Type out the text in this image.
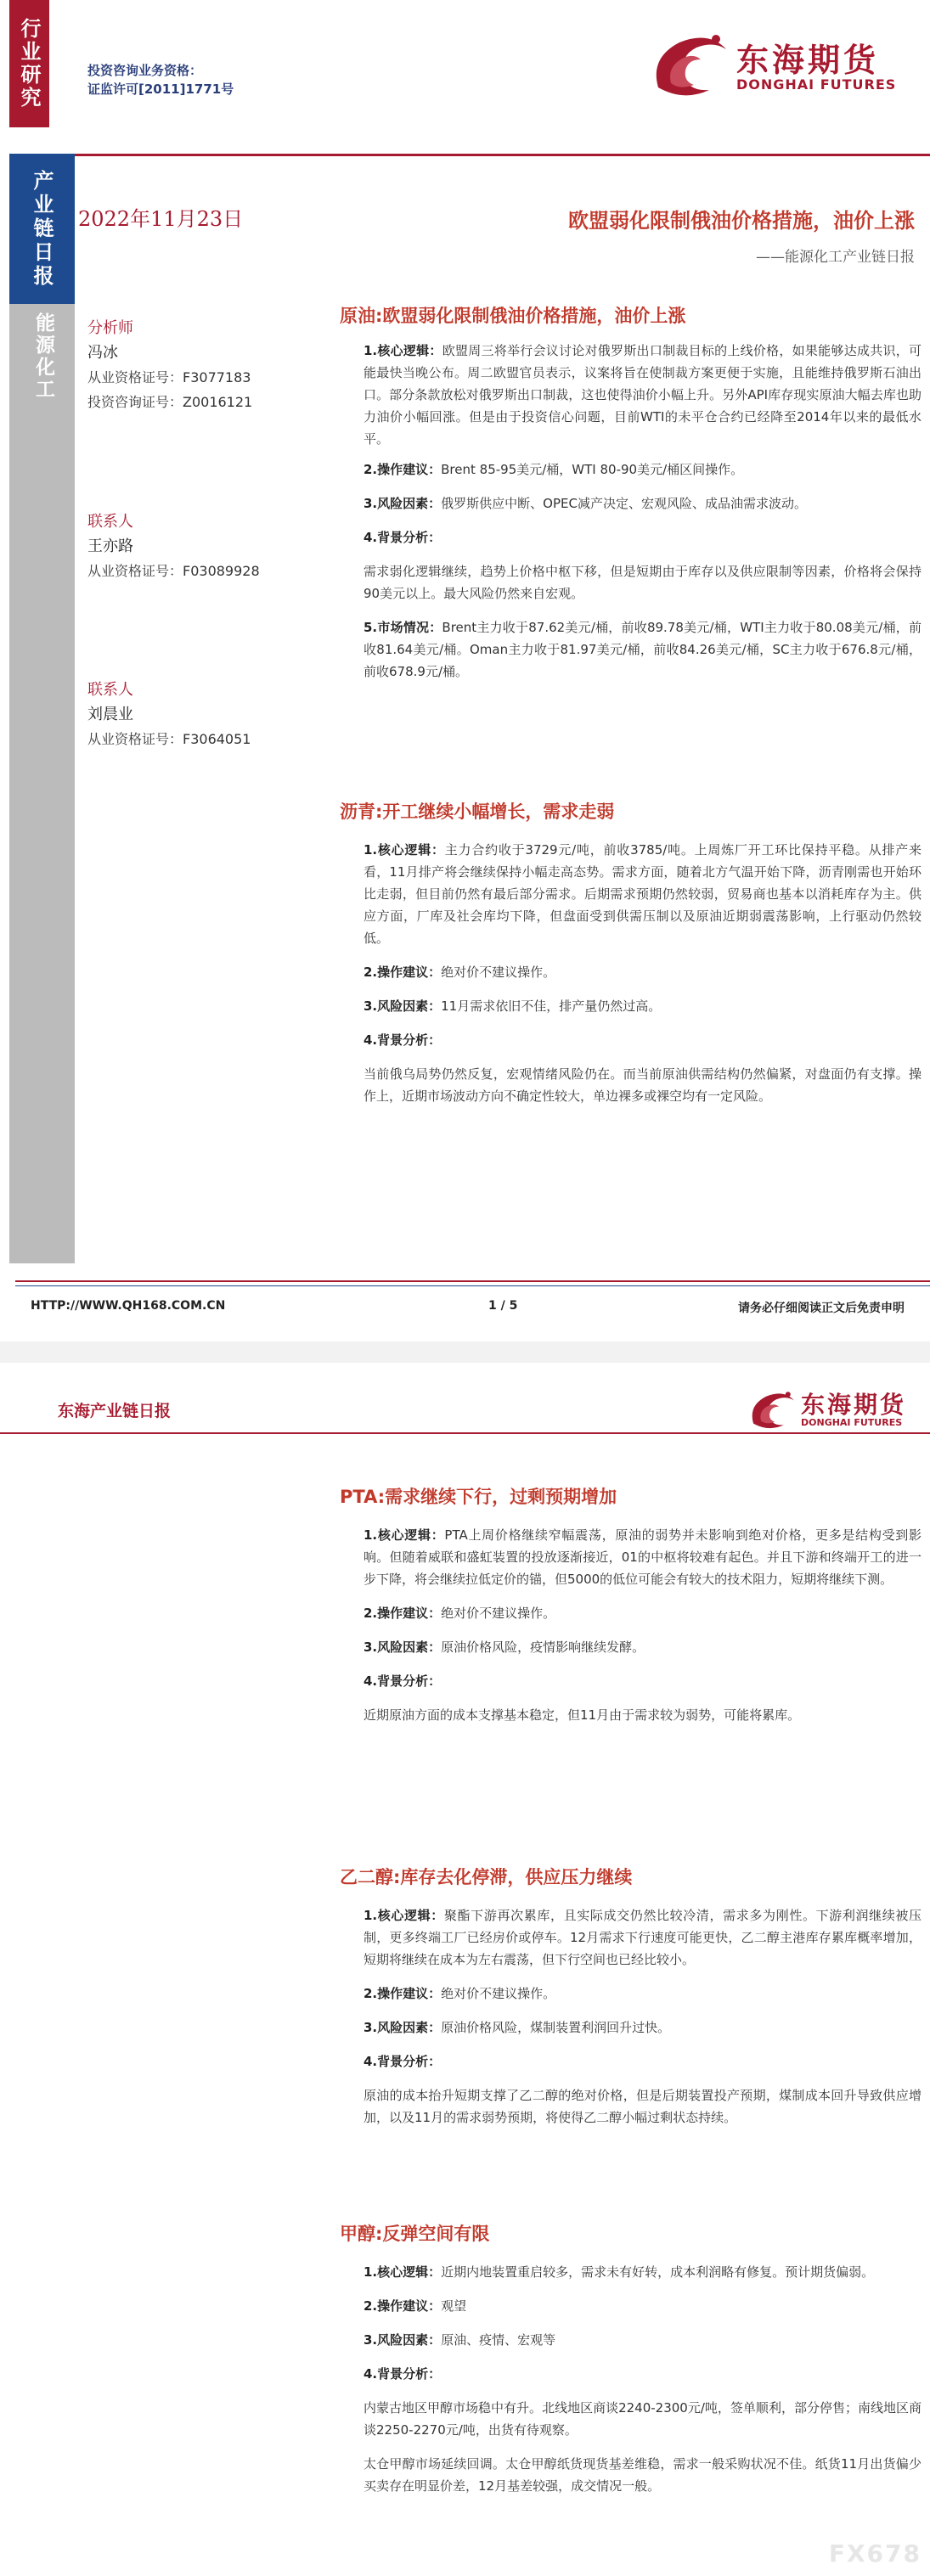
行业研究	投资咨询业务资格：
证监许可[2011]1771号
东海期货
DONGHAI FUTURES
产业链日报
能源化工
2022年11月23日	欧盟弱化限制俄油价格措施，油价上涨
——能源化工产业链日报
分析师
冯冰
从业资格证号：F3077183
投资咨询证号：Z0016121
联系人
王亦路
从业资格证号：F03089928
联系人
刘晨业
从业资格证号：F3064051
原油:欧盟弱化限制俄油价格措施，油价上涨
1.核心逻辑：欧盟周三将举行会议讨论对俄罗斯出口制裁目标的上线价格，如果能够达成共识，可能最快当晚公布。周二欧盟官员表示，议案将旨在使制裁方案更便于实施，且能维持俄罗斯石油出口。部分条款放松对俄罗斯出口制裁，这也使得油价小幅上升。另外API库存现实原油大幅去库也助力油价小幅回涨。但是由于投资信心问题，目前WTI的未平仓合约已经降至2014年以来的最低水平。
2.操作建议：Brent 85-95美元/桶，WTI 80-90美元/桶区间操作。
3.风险因素：俄罗斯供应中断、OPEC减产决定、宏观风险、成品油需求波动。
4.背景分析：
需求弱化逻辑继续，趋势上价格中枢下移，但是短期由于库存以及供应限制等因素，价格将会保持90美元以上。最大风险仍然来自宏观。
5.市场情况：Brent主力收于87.62美元/桶，前收89.78美元/桶，WTI主力收于80.08美元/桶，前收81.64美元/桶。Oman主力收于81.97美元/桶，前收84.26美元/桶，SC主力收于676.8元/桶，前收678.9元/桶。
沥青:开工继续小幅增长，需求走弱
1.核心逻辑：主力合约收于3729元/吨，前收3785/吨。上周炼厂开工环比保持平稳。从排产来看，11月排产将会继续保持小幅走高态势。需求方面，随着北方气温开始下降，沥青刚需也开始环比走弱，但目前仍然有最后部分需求。后期需求预期仍然较弱，贸易商也基本以消耗库存为主。供应方面，厂库及社会库均下降，但盘面受到供需压制以及原油近期弱震荡影响，上行驱动仍然较低。
2.操作建议：绝对价不建议操作。
3.风险因素：11月需求依旧不佳，排产量仍然过高。
4.背景分析：
当前俄乌局势仍然反复，宏观情绪风险仍在。而当前原油供需结构仍然偏紧，对盘面仍有支撑。操作上，近期市场波动方向不确定性较大，单边裸多或裸空均有一定风险。
HTTP://WWW.QH168.COM.CN	1 / 5	请务必仔细阅读正文后免责申明
东海产业链日报	东海期货
DONGHAI FUTURES
PTA:需求继续下行，过剩预期增加
1.核心逻辑：PTA上周价格继续窄幅震荡，原油的弱势并未影响到绝对价格，更多是结构受到影响。但随着威联和盛虹装置的投放逐渐接近，01的中枢将较难有起色。并且下游和终端开工的进一步下降，将会继续拉低定价的锚，但5000的低位可能会有较大的技术阻力，短期将继续下测。
2.操作建议：绝对价不建议操作。
3.风险因素：原油价格风险，疫情影响继续发酵。
4.背景分析：
近期原油方面的成本支撑基本稳定，但11月由于需求较为弱势，可能将累库。
乙二醇:库存去化停滞，供应压力继续
1.核心逻辑：聚酯下游再次累库，且实际成交仍然比较冷清，需求多为刚性。下游利润继续被压制，更多终端工厂已经房价或停车。12月需求下行速度可能更快，乙二醇主港库存累库概率增加，短期将继续在成本为左右震荡，但下行空间也已经比较小。
2.操作建议：绝对价不建议操作。
3.风险因素：原油价格风险，煤制装置利润回升过快。
4.背景分析：
原油的成本抬升短期支撑了乙二醇的绝对价格，但是后期装置投产预期，煤制成本回升导致供应增加，以及11月的需求弱势预期，将使得乙二醇小幅过剩状态持续。
甲醇:反弹空间有限
1.核心逻辑：近期内地装置重启较多，需求未有好转，成本利润略有修复。预计期货偏弱。
2.操作建议：观望
3.风险因素：原油、疫情、宏观等
4.背景分析：
内蒙古地区甲醇市场稳中有升。北线地区商谈2240-2300元/吨，签单顺利，部分停售；南线地区商谈2250-2270元/吨，出货有待观察。
太仓甲醇市场延续回调。太仓甲醇纸货现货基差维稳，需求一般采购状况不佳。纸货11月出货偏少买卖存在明显价差，12月基差较强，成交情况一般。
FX678
